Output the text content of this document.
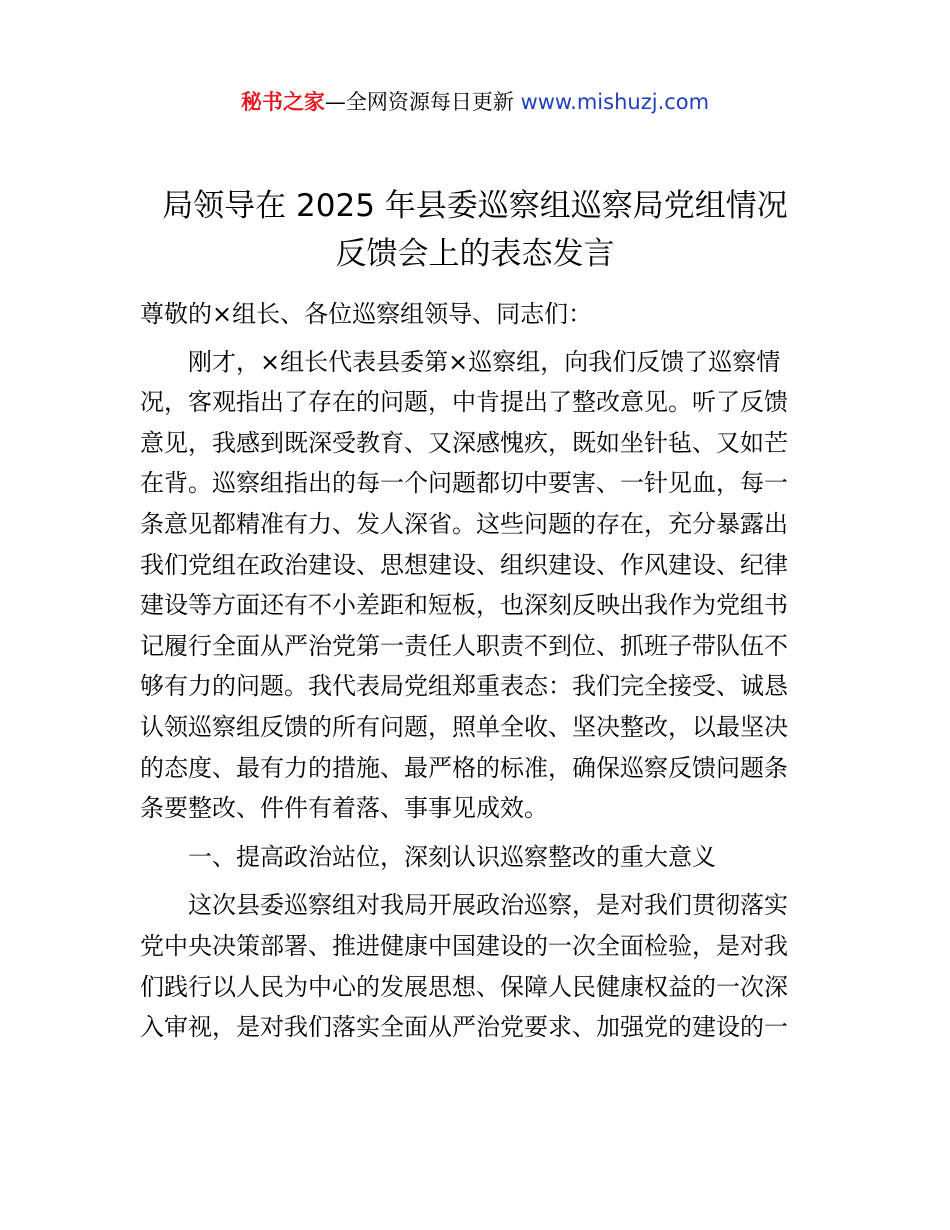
秘书之家—全网资源每日更新 www.mishuzj.com
局领导在 2025 年县委巡察组巡察局党组情况
反馈会上的表态发言

尊敬的×组长、各位巡察组领导、同志们：

刚才，×组长代表县委第×巡察组，向我们反馈了巡察情
况，客观指出了存在的问题，中肯提出了整改意见。听了反馈
意见，我感到既深受教育、又深感愧疚，既如坐针毡、又如芒
在背。巡察组指出的每一个问题都切中要害、一针见血，每一
条意见都精准有力、发人深省。这些问题的存在，充分暴露出
我们党组在政治建设、思想建设、组织建设、作风建设、纪律
建设等方面还有不小差距和短板，也深刻反映出我作为党组书
记履行全面从严治党第一责任人职责不到位、抓班子带队伍不
够有力的问题。我代表局党组郑重表态：我们完全接受、诚恳
认领巡察组反馈的所有问题，照单全收、坚决整改，以最坚决
的态度、最有力的措施、最严格的标准，确保巡察反馈问题条
条要整改、件件有着落、事事见成效。

一、提高政治站位，深刻认识巡察整改的重大意义

这次县委巡察组对我局开展政治巡察，是对我们贯彻落实
党中央决策部署、推进健康中国建设的一次全面检验，是对我
们践行以人民为中心的发展思想、保障人民健康权益的一次深
入审视，是对我们落实全面从严治党要求、加强党的建设的一
